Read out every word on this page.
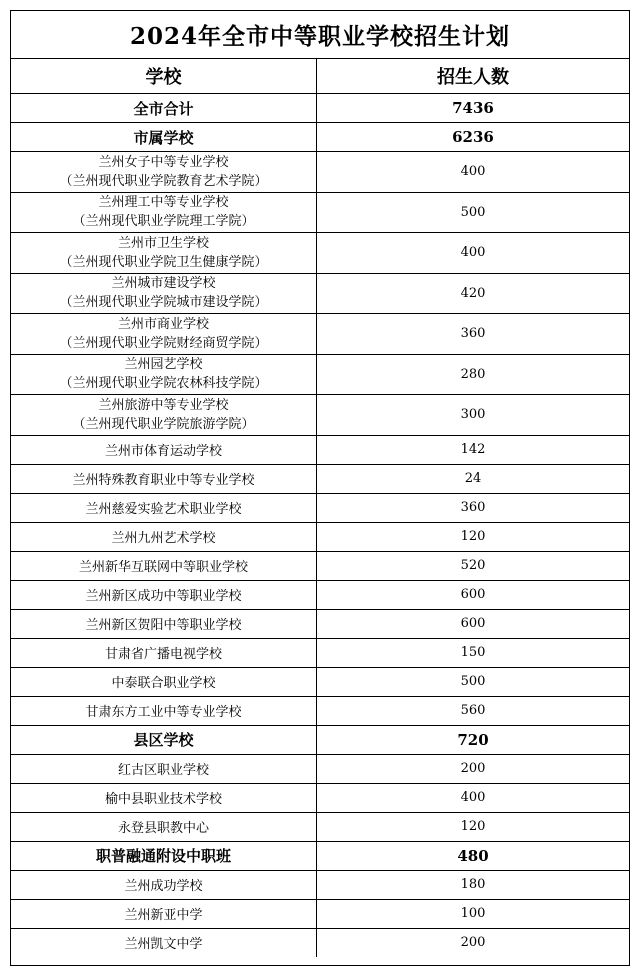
2024年全市中等职业学校招生计划
学校	招生人数

全市合计	7436

市属学校	6236

兰州女子中等专业学校
（兰州现代职业学院教育艺术学院）	400

兰州理工中等专业学校
（兰州现代职业学院理工学院）	500

兰州市卫生学校
（兰州现代职业学院卫生健康学院）	400

兰州城市建设学校
（兰州现代职业学院城市建设学院）	420

兰州市商业学校
（兰州现代职业学院财经商贸学院）	360

兰州园艺学校
（兰州现代职业学院农林科技学院）	280

兰州旅游中等专业学校
（兰州现代职业学院旅游学院）	300

兰州市体育运动学校	142

兰州特殊教育职业中等专业学校	24

兰州慈爱实验艺术职业学校	360

兰州九州艺术学校	120

兰州新华互联网中等职业学校	520

兰州新区成功中等职业学校	600

兰州新区贺阳中等职业学校	600

甘肃省广播电视学校	150

中泰联合职业学校	500

甘肃东方工业中等专业学校	560

县区学校	720

红古区职业学校	200

榆中县职业技术学校	400

永登县职教中心	120

职普融通附设中职班	480

兰州成功学校	180

兰州新亚中学	100

兰州凯文中学	200
